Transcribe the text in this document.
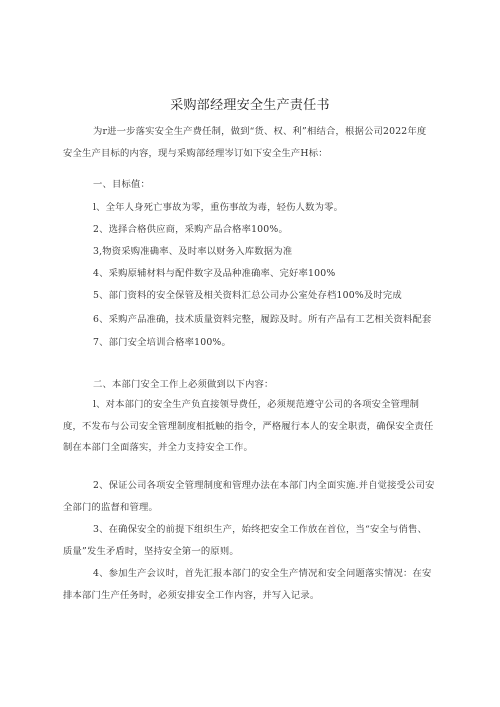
采购部经理安全生产责任书
为r进一步落实安全生产费任制，做到“货、权、利”相结合，根据公司2022年度安全生产目标的内容，现与采购部经理岑订如下安全生产H标：
一、目标值：
l、全年人身死亡事故为零，重伤事故为毒，轻伤人数为零。
2、选择合格供应商，采购产品合格率100%。
3,物资采购准确率、及时率以财务入库数据为准
4、采购原辅材料与配件数字及品种准确率、完好率100%
5、部门资料的安全保管及相关资料汇总公司办公室处存档100%及时完成
6、采购产品准确，技术质量资料完整，履踪及时。所有产品有工艺相关资料配套
7、部门安全培训合格率100%。
二、本部门安全工作上必须做到以下内容：
l、对本部门的安全生产负直接领导费任，必须规范遵守公司的各项安全管理制度，不发布与公司安全管理制度相抵触的指令，严格履行本人的安全职责，确保安全责任制在本部门全面落实，并全力支持安全工作。
2、保证公司各项安全管理制度和管理办法在本部门内全面实施.并自觉接受公司安全部门的监督和管理。
3、在确保安全的前提下组织生产，始终把安全工作放在首位，当“安全与俏售、质量”发生矛盾时，坚持安全第一的原则。
4、参加生产会议时，首先汇报本部门的安全生产情况和安全问题落实情况：在安排本部门生产任务时，必须安排安全工作内容，并写入记录。
